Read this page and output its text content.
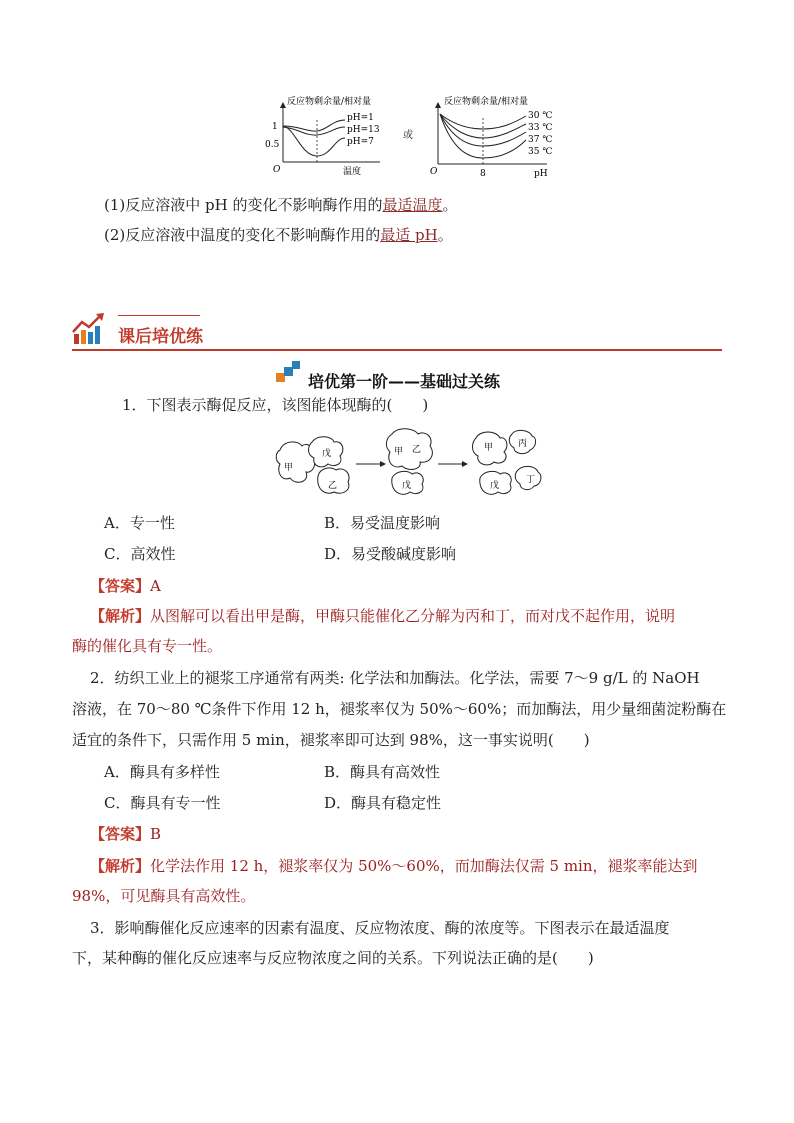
反应物剩余量/相对量
1
0.5
O	温度
pH=1
pH=13
pH=7
或
反应物剩余量/相对量
O	8	pH
30 ℃
33 ℃
37 ℃
35 ℃
(1)反应溶液中 pH 的变化不影响酶作用的最适温度。
(2)反应溶液中温度的变化不影响酶作用的最适 pH。
课后培优练
培优第一阶——基础过关练
1．下图表示酶促反应，该图能体现酶的(　　)
甲
戊
乙
甲 乙
戊
甲	丙
戊
丁
A．专一性	B．易受温度影响
C．高效性	D．易受酸碱度影响
【答案】A
【解析】从图解可以看出甲是酶，甲酶只能催化乙分解为丙和丁，而对戊不起作用，说明
酶的催化具有专一性。
2．纺织工业上的褪浆工序通常有两类: 化学法和加酶法。化学法，需要 7～9 g/L 的 NaOH
溶液，在 70～80 ℃条件下作用 12 h，褪浆率仅为 50%～60%；而加酶法，用少量细菌淀粉酶在
适宜的条件下，只需作用 5 min，褪浆率即可达到 98%，这一事实说明(　　)
A．酶具有多样性	B．酶具有高效性
C．酶具有专一性	D．酶具有稳定性
【答案】B
【解析】化学法作用 12 h，褪浆率仅为 50%～60%，而加酶法仅需 5 min，褪浆率能达到
98%，可见酶具有高效性。
3．影响酶催化反应速率的因素有温度、反应物浓度、酶的浓度等。下图表示在最适温度
下，某种酶的催化反应速率与反应物浓度之间的关系。下列说法正确的是(　　)
